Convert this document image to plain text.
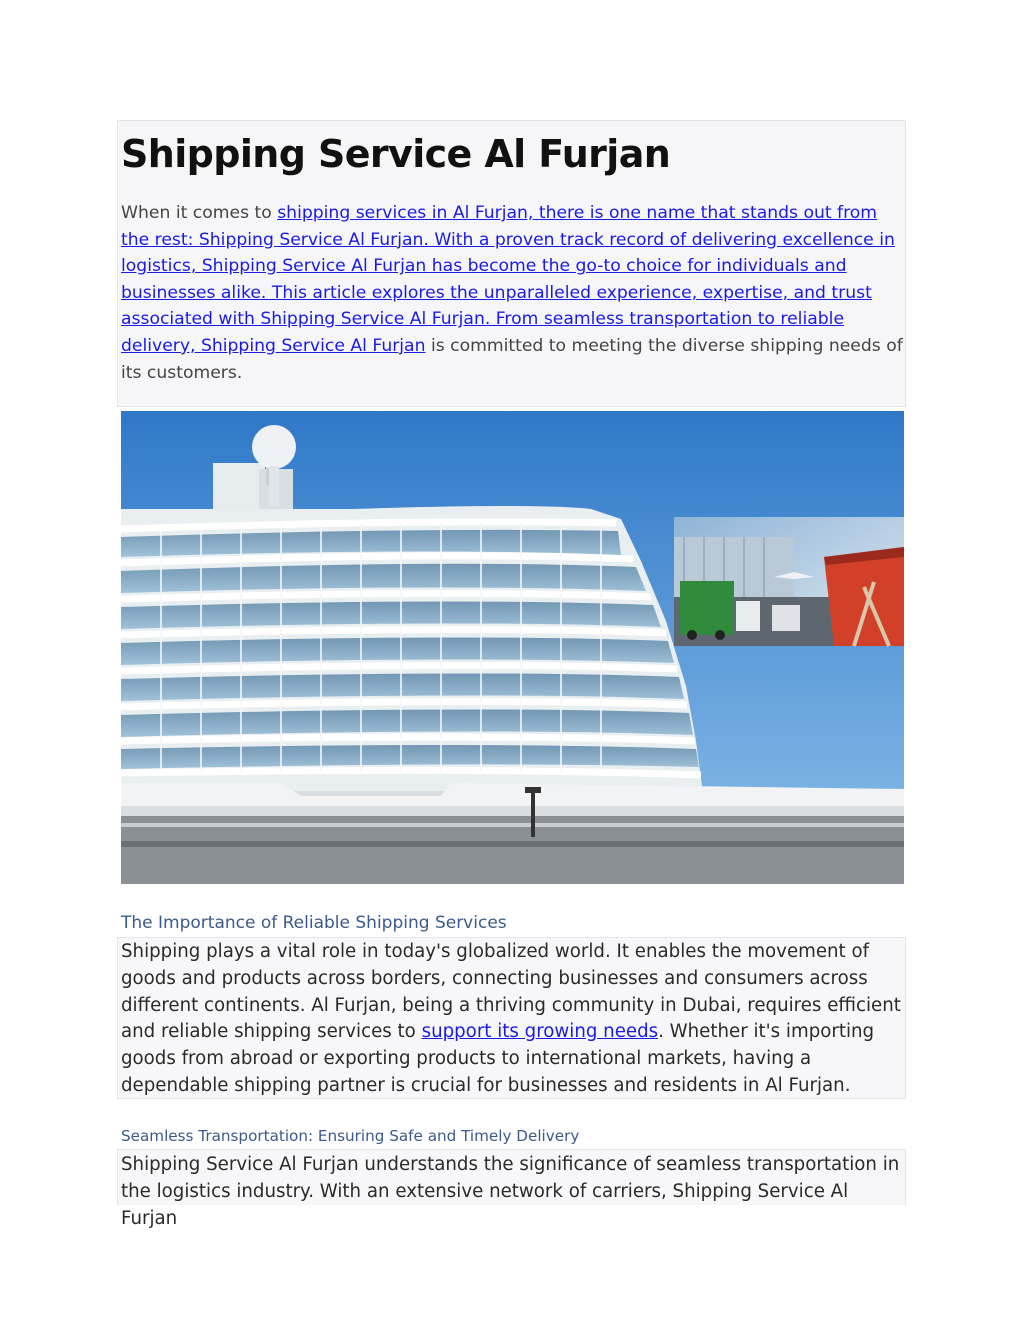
Shipping Service Al Furjan

When it comes to shipping services in Al Furjan, there is one name that stands out from the rest: Shipping Service Al Furjan. With a proven track record of delivering excellence in logistics, Shipping Service Al Furjan has become the go-to choice for individuals and businesses alike. This article explores the unparalleled experience, expertise, and trust associated with Shipping Service Al Furjan. From seamless transportation to reliable delivery, Shipping Service Al Furjan is committed to meeting the diverse shipping needs of its customers.

The Importance of Reliable Shipping Services

Shipping plays a vital role in today's globalized world. It enables the movement of goods and products across borders, connecting businesses and consumers across different continents. Al Furjan, being a thriving community in Dubai, requires efficient and reliable shipping services to support its growing needs. Whether it's importing goods from abroad or exporting products to international markets, having a dependable shipping partner is crucial for businesses and residents in Al Furjan.

Seamless Transportation: Ensuring Safe and Timely Delivery

Shipping Service Al Furjan understands the significance of seamless transportation in the logistics industry. With an extensive network of carriers, Shipping Service Al Furjan
